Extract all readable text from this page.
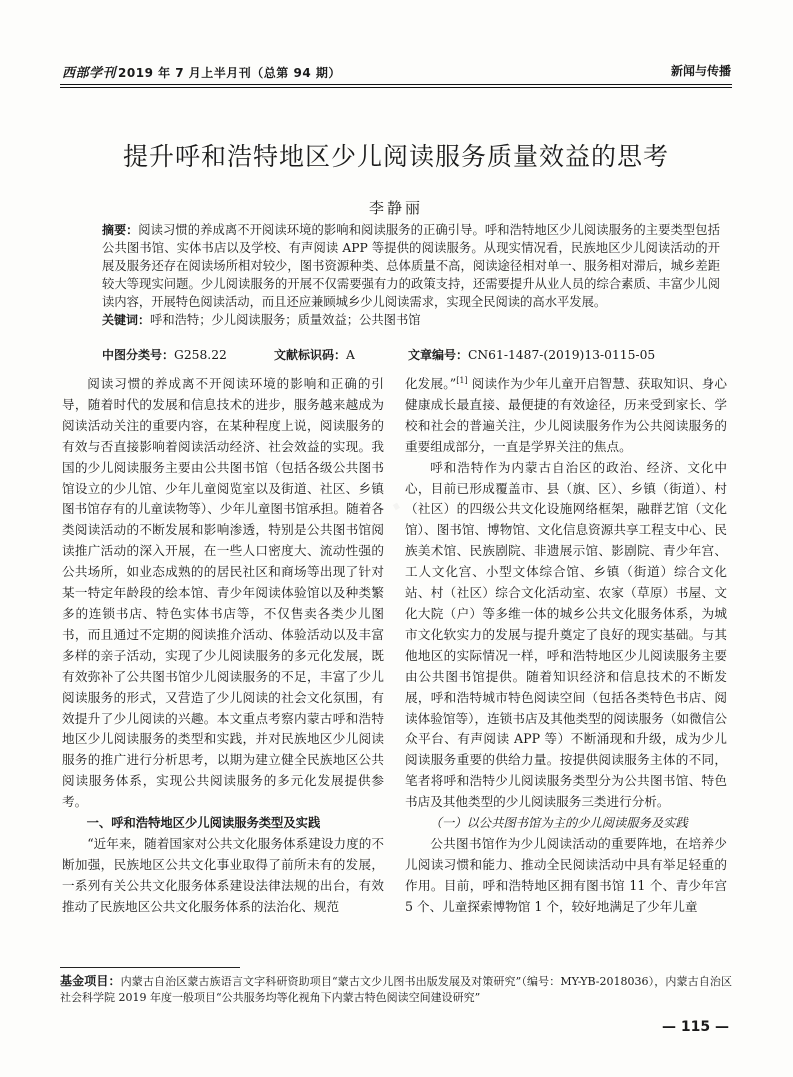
西部学刊 2019 年 7 月上半月刊（总第 94 期）	新闻与传播
提升呼和浩特地区少儿阅读服务质量效益的思考
李静丽

摘要：阅读习惯的养成离不开阅读环境的影响和阅读服务的正确引导。呼和浩特地区少儿阅读服务的主要类型包括公共图书馆、实体书店以及学校、有声阅读 APP 等提供的阅读服务。从现实情况看，民族地区少儿阅读活动的开展及服务还存在阅读场所相对较少，图书资源种类、总体质量不高，阅读途径相对单一、服务相对滞后，城乡差距较大等现实问题。少儿阅读服务的开展不仅需要强有力的政策支持，还需要提升从业人员的综合素质、丰富少儿阅读内容，开展特色阅读活动，而且还应兼顾城乡少儿阅读需求，实现全民阅读的高水平发展。

关键词：呼和浩特；少儿阅读服务；质量效益；公共图书馆

中图分类号：G258.22	文献标识码：A	文章编号：CN61-1487-(2019)13-0115-05

阅读习惯的养成离不开阅读环境的影响和正确的引导，随着时代的发展和信息技术的进步，服务越来越成为阅读活动关注的重要内容，在某种程度上说，阅读服务的有效与否直接影响着阅读活动经济、社会效益的实现。我国的少儿阅读服务主要由公共图书馆（包括各级公共图书馆设立的少儿馆、少年儿童阅览室以及街道、社区、乡镇图书馆存有的儿童读物等）、少年儿童图书馆承担。随着各类阅读活动的不断发展和影响渗透，特别是公共图书馆阅读推广活动的深入开展，在一些人口密度大、流动性强的公共场所，如业态成熟的的居民社区和商场等出现了针对某一特定年龄段的绘本馆、青少年阅读体验馆以及种类繁多的连锁书店、特色实体书店等，不仅售卖各类少儿图书，而且通过不定期的阅读推介活动、体验活动以及丰富多样的亲子活动，实现了少儿阅读服务的多元化发展，既有效弥补了公共图书馆少儿阅读服务的不足，丰富了少儿阅读服务的形式，又营造了少儿阅读的社会文化氛围，有效提升了少儿阅读的兴趣。本文重点考察内蒙古呼和浩特地区少儿阅读服务的类型和实践，并对民族地区少儿阅读服务的推广进行分析思考，以期为建立健全民族地区公共阅读服务体系，实现公共阅读服务的多元化发展提供参考。

一、呼和浩特地区少儿阅读服务类型及实践

“近年来，随着国家对公共文化服务体系建设力度的不断加强，民族地区公共文化事业取得了前所未有的发展，一系列有关公共文化服务体系建设法律法规的出台，有效推动了民族地区公共文化服务体系的法治化、规范

化发展。”[1] 阅读作为少年儿童开启智慧、获取知识、身心健康成长最直接、最便捷的有效途径，历来受到家长、学校和社会的普遍关注，少儿阅读服务作为公共阅读服务的重要组成部分，一直是学界关注的焦点。

呼和浩特作为内蒙古自治区的政治、经济、文化中心，目前已形成覆盖市、县（旗、区）、乡镇（街道）、村（社区）的四级公共文化设施网络框架，融群艺馆（文化馆）、图书馆、博物馆、文化信息资源共享工程支中心、民族美术馆、民族剧院、非遗展示馆、影剧院、青少年宫、工人文化宫、小型文体综合馆、乡镇（街道）综合文化站、村（社区）综合文化活动室、农家（草原）书屋、文化大院（户）等多维一体的城乡公共文化服务体系，为城市文化软实力的发展与提升奠定了良好的现实基础。与其他地区的实际情况一样，呼和浩特地区少儿阅读服务主要由公共图书馆提供。随着知识经济和信息技术的不断发展，呼和浩特城市特色阅读空间（包括各类特色书店、阅读体验馆等），连锁书店及其他类型的阅读服务（如微信公众平台、有声阅读 APP 等）不断涌现和升级，成为少儿阅读服务重要的供给力量。按提供阅读服务主体的不同，笔者将呼和浩特少儿阅读服务类型分为公共图书馆、特色书店及其他类型的少儿阅读服务三类进行分析。

（一）以公共图书馆为主的少儿阅读服务及实践

公共图书馆作为少儿阅读活动的重要阵地，在培养少儿阅读习惯和能力、推动全民阅读活动中具有举足轻重的作用。目前，呼和浩特地区拥有图书馆 11 个、青少年宫 5 个、儿童探索博物馆 1 个，较好地满足了少年儿童

基金项目：内蒙古自治区蒙古族语言文字科研资助项目“蒙古文少儿图书出版发展及对策研究”（编号：MY-YB-2018036），内蒙古自治区社会科学院 2019 年度一般项目“公共服务均等化视角下内蒙古特色阅读空间建设研究”
— 115 —
